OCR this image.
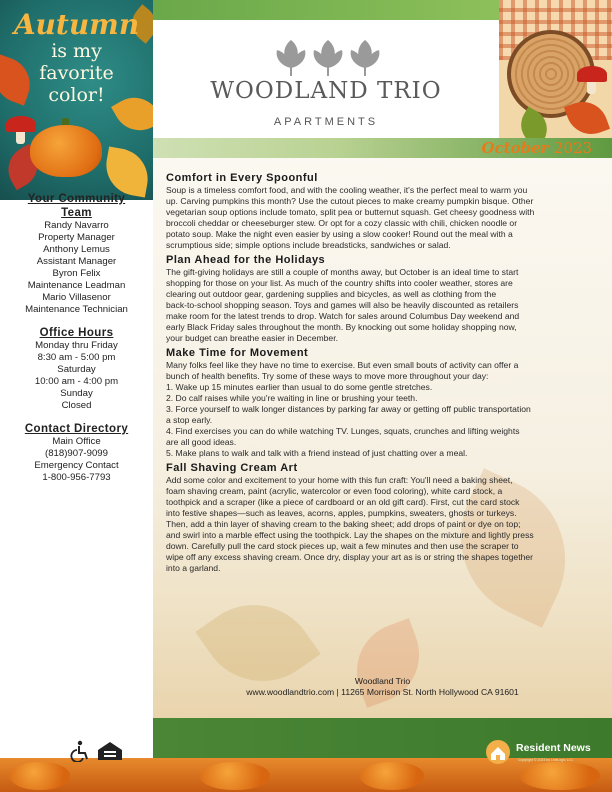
Autumn
is my
favorite
color!	WOODLAND TRIO
APARTMENTS
October 2023
Your Community
Team
Randy Navarro
Property Manager
Anthony Lemus
Assistant Manager
Byron Felix
Maintenance Leadman
Mario Villasenor
Maintenance Technician
Office Hours
Monday thru Friday
8:30 am - 5:00 pm
Saturday
10:00 am - 4:00 pm
Sunday
Closed
Contact Directory
Main Office
(818)907-9099
Emergency Contact
1-800-956-7793
Comfort in Every Spoonful
Soup is a timeless comfort food, and with the cooling weather, it's the perfect meal to warm you
up. Carving pumpkins this month? Use the cutout pieces to make creamy pumpkin bisque. Other
vegetarian soup options include tomato, split pea or butternut squash. Get cheesy goodness with
broccoli cheddar or cheeseburger stew. Or opt for a cozy classic with chili, chicken noodle or
potato soup. Make the night even easier by using a slow cooker! Round out the meal with a
scrumptious side; simple options include breadsticks, sandwiches or salad.
Plan Ahead for the Holidays
The gift-giving holidays are still a couple of months away, but October is an ideal time to start
shopping for those on your list. As much of the country shifts into cooler weather, stores are
clearing out outdoor gear, gardening supplies and bicycles, as well as clothing from the
back-to-school shopping season. Toys and games will also be heavily discounted as retailers
make room for the latest trends to drop. Watch for sales around Columbus Day weekend and
early Black Friday sales throughout the month. By knocking out some holiday shopping now,
your budget can breathe easier in December.
Make Time for Movement
Many folks feel like they have no time to exercise. But even small bouts of activity can offer a
bunch of health benefits. Try some of these ways to move more throughout your day:
1. Wake up 15 minutes earlier than usual to do some gentle stretches.
2. Do calf raises while you're waiting in line or brushing your teeth.
3. Force yourself to walk longer distances by parking far away or getting off public transportation
a stop early.
4. Find exercises you can do while watching TV. Lunges, squats, crunches and lifting weights
are all good ideas.
5. Make plans to walk and talk with a friend instead of just chatting over a meal.
Fall Shaving Cream Art
Add some color and excitement to your home with this fun craft: You'll need a baking sheet,
foam shaving cream, paint (acrylic, watercolor or even food coloring), white card stock, a
toothpick and a scraper (like a piece of cardboard or an old gift card). First, cut the card stock
into festive shapes—such as leaves, acorns, apples, pumpkins, sweaters, ghosts or turkeys.
Then, add a thin layer of shaving cream to the baking sheet; add drops of paint or dye on top;
and swirl into a marble effect using the toothpick. Lay the shapes on the mixture and lightly press
down. Carefully pull the card stock pieces up, wait a few minutes and then use the scraper to
wipe off any excess shaving cream. Once dry, display your art as is or string the shapes together
into a garland.
Woodland Trio
www.woodlandtrio.com | 11265 Morrison St. North Hollywood CA 91601
Resident News
Copyright © 2023 by LinkLogic LLC
